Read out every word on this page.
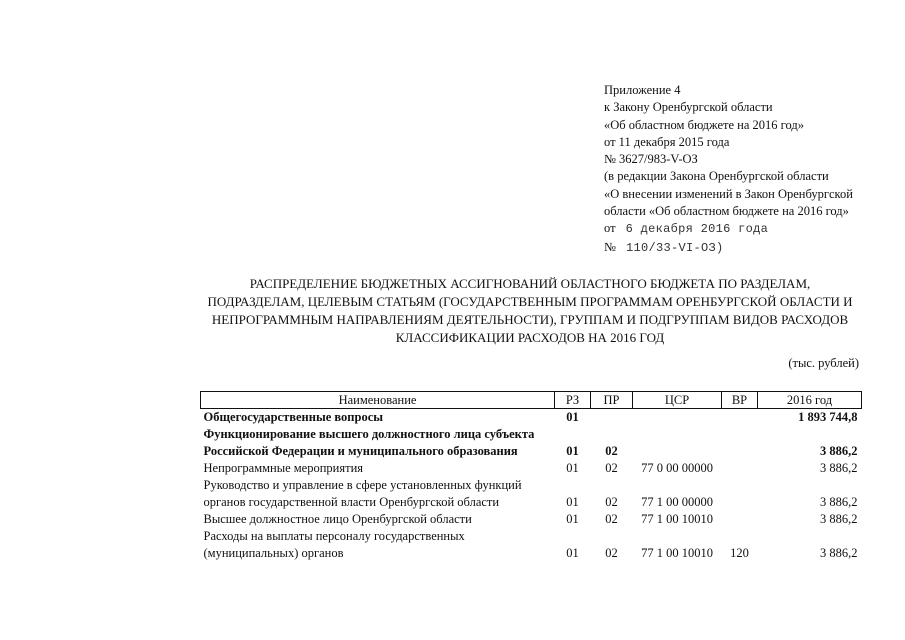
Приложение 4
к Закону Оренбургской области
«Об областном бюджете на 2016 год»
от 11 декабря 2015 года
№ 3627/983-V-ОЗ
(в редакции Закона Оренбургской области
«О внесении изменений в Закон Оренбургской
области «Об областном бюджете на 2016 год»
от 6 декабря 2016 года
№ 110/33-VI-ОЗ)
РАСПРЕДЕЛЕНИЕ БЮДЖЕТНЫХ АССИГНОВАНИЙ ОБЛАСТНОГО БЮДЖЕТА ПО РАЗДЕЛАМ,
ПОДРАЗДЕЛАМ, ЦЕЛЕВЫМ СТАТЬЯМ (ГОСУДАРСТВЕННЫМ ПРОГРАММАМ ОРЕНБУРГСКОЙ ОБЛАСТИ И
НЕПРОГРАММНЫМ НАПРАВЛЕНИЯМ ДЕЯТЕЛЬНОСТИ), ГРУППАМ И ПОДГРУППАМ ВИДОВ РАСХОДОВ
КЛАССИФИКАЦИИ РАСХОДОВ НА 2016 ГОД
(тыс. рублей)
Наименование	РЗ	ПР	ЦСР	ВР	2016 год

Общегосударственные вопросы	01				1 893 744,8

Функционирование высшего должностного лица субъекта
Российской Федерации и муниципального образования	01	02			3 886,2

Непрограммные мероприятия	01	02	77 0 00 00000		3 886,2

Руководство и управление в сфере установленных функций
органов государственной власти Оренбургской области	01	02	77 1 00 00000		3 886,2

Высшее должностное лицо Оренбургской области	01	02	77 1 00 10010		3 886,2

Расходы на выплаты персоналу государственных
(муниципальных) органов	01	02	77 1 00 10010	120	3 886,2
